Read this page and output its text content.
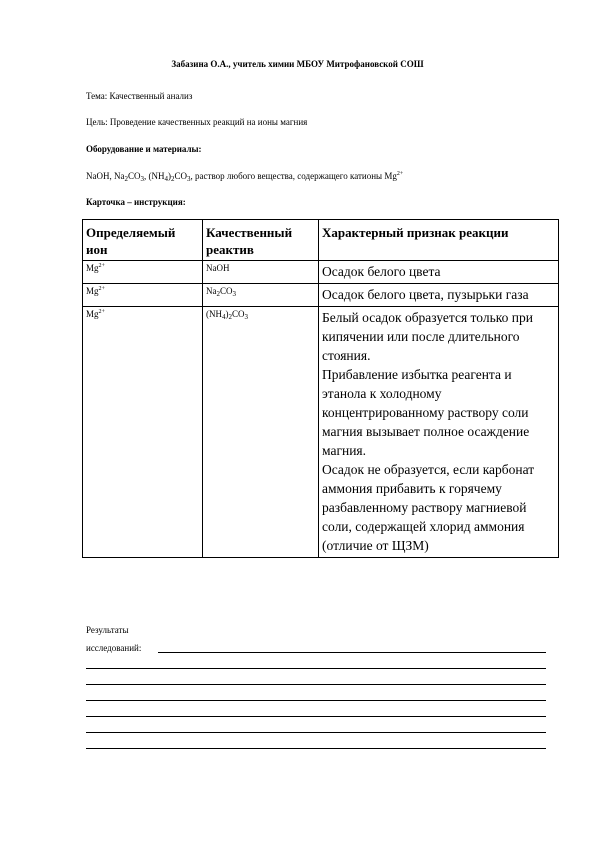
Забазина О.А., учитель химии МБОУ Митрофановской СОШ
Тема: Качественный анализ
Цель: Проведение качественных реакций на ионы магния
Оборудование и материалы:
NaOH, $Na_2CO_3$, $(NH_4)_2CO_3$, раствор любого вещества, содержащего катионы $Mg^{2+}$
Карточка – инструкция:
Определяемый ион	Качественный реактив	Характерный признак реакции
$Mg^{2+}$	NaOH	Осадок белого цвета

$Mg^{2+}$	$Na_2CO_3$	Осадок белого цвета, пузырьки газа

$Mg^{2+}$	$(NH_4)_2CO_3$	Белый осадок образуется только при кипячении или после длительного стояния.

Прибавление избытка реагента и этанола к холодному концентрированному раствору соли магния вызывает полное осаждение магния.

Осадок не образуется, если карбонат аммония прибавить к горячему разбавленному раствору магниевой соли, содержащей хлорид аммония (отличие от ЩЗМ)

Результаты
исследований:
